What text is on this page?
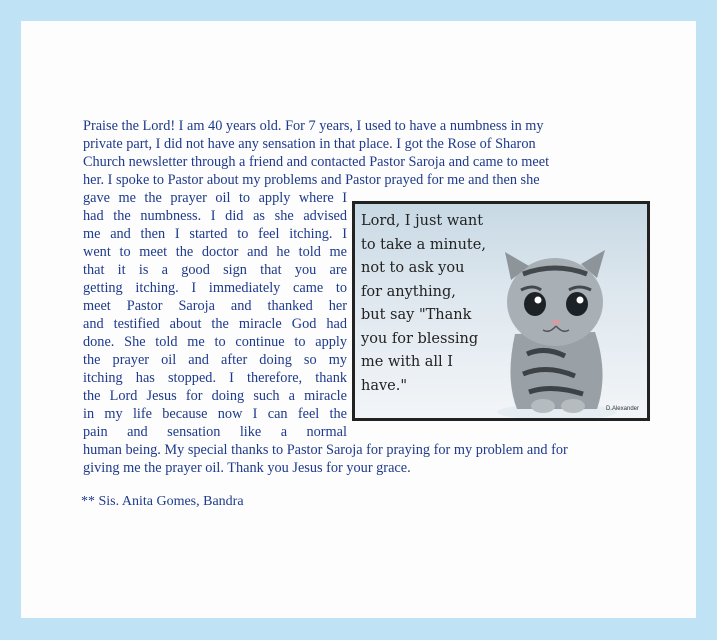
Praise the Lord! I am 40 years old. For 7 years, I used to have a numbness in my
private part, I did not have any sensation in that place. I got the Rose of Sharon
Church newsletter through a friend and contacted Pastor Saroja and came to meet
her. I spoke to Pastor about my problems and Pastor prayed for me and then she
gave me the prayer oil to apply where I
had the numbness. I did as she advised
me and then I started to feel itching. I
went to meet the doctor and he told me
that it is a good sign that you are
getting itching. I immediately came to
meet Pastor Saroja and thanked her
and testified about the miracle God had
done. She told me to continue to apply
the prayer oil and after doing so my
itching has stopped. I therefore, thank
the Lord Jesus for doing such a miracle
in my life because now I can feel the
pain and sensation like a normal
human being. My special thanks to Pastor Saroja for praying for my problem and for
giving me the prayer oil. Thank you Jesus for your grace.
** Sis. Anita Gomes, Bandra
Lord, I just want
to take a minute,
not to ask you
for anything,
but say "Thank
you for blessing
me with all I
have."
D.Alexander
